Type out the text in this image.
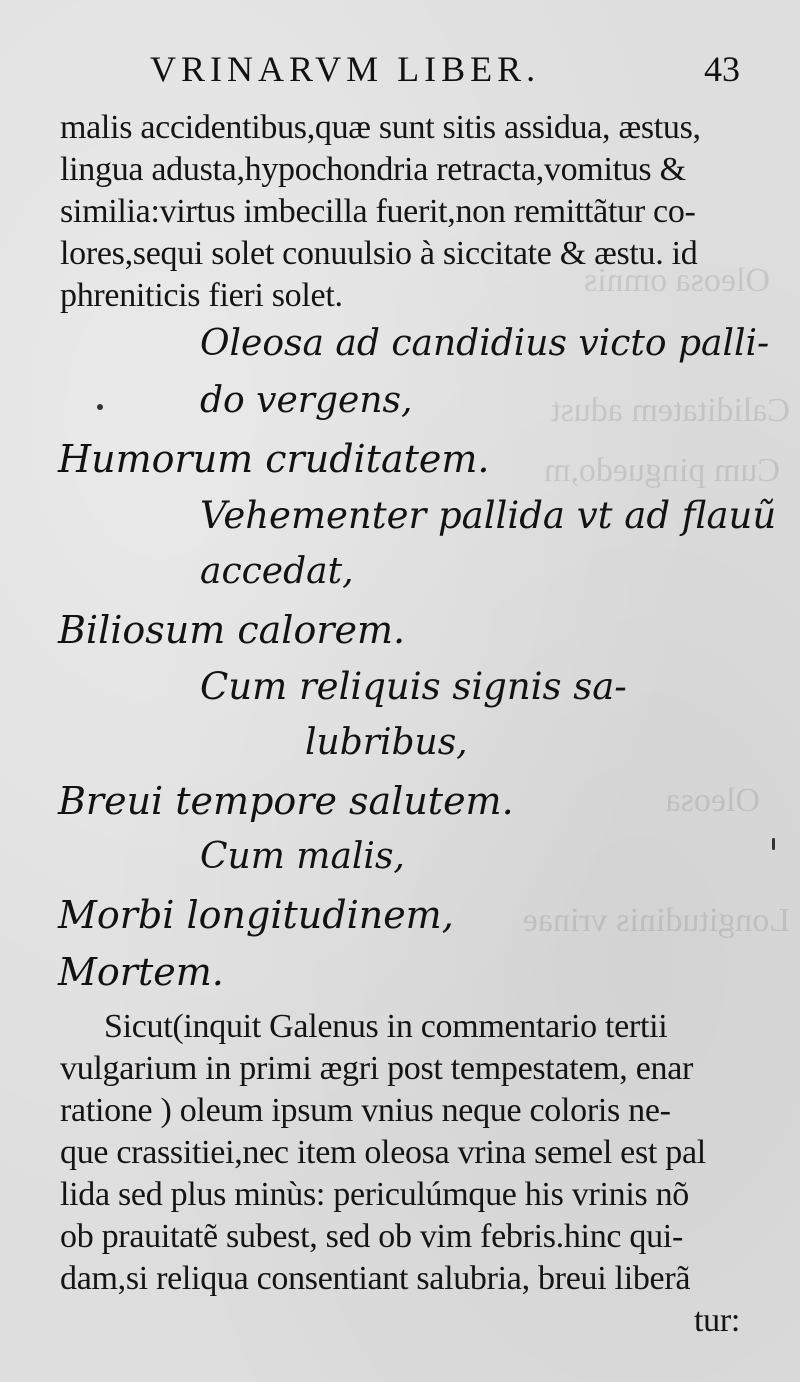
Oleosa omnis
Caliditatem adust
Cum pinguedo,m
Oleosa
Longitudinis vrinae
VRINARVM LIBER.	43
malis accidentibus,quæ sunt sitis assidua, æstus,
lingua adusta,hypochondria retracta,vomitus &
similia:virtus imbecilla fuerit,non remittãtur co-
lores,sequi solet conuulsio à siccitate & æstu. id
phreniticis fieri solet.
Oleosa ad candidius victo palli-
do vergens,
Humorum cruditatem.
Vehementer pallida vt ad flauũ
accedat,
Biliosum calorem.
Cum reliquis signis sa-
lubribus,
Breui tempore salutem.
Cum malis,
Morbi longitudinem,
Mortem.
Sicut(inquit Galenus in commentario tertii
vulgarium in primi ægri post tempestatem, enar
ratione ) oleum ipsum vnius neque coloris ne-
que crassitiei,nec item oleosa vrina semel est pal
lida sed plus minùs: periculúmque his vrinis nõ
ob prauitatẽ subest, sed ob vim febris.hinc qui-
dam,si reliqua consentiant salubria, breui liberã
tur:
